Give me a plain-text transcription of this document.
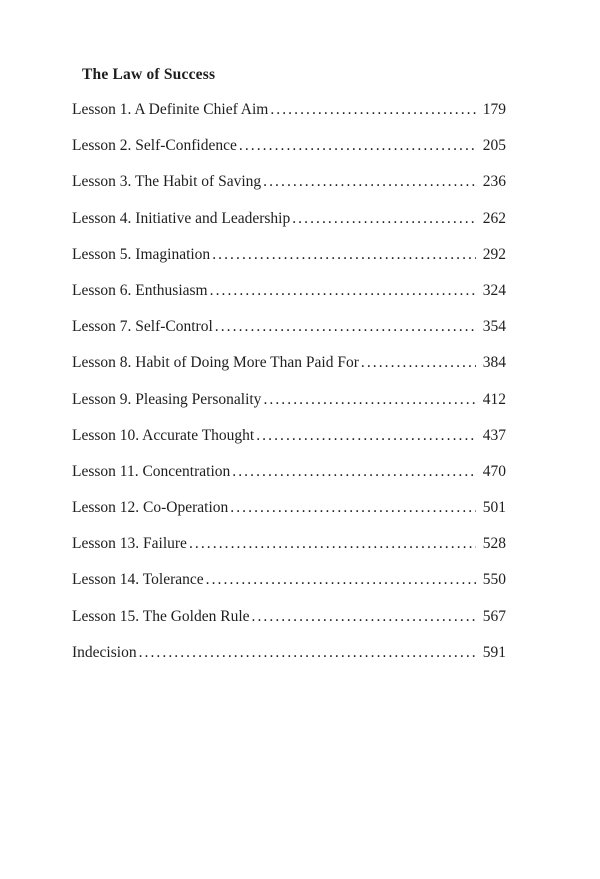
The Law of Success
Lesson 1. A Definite Chief Aim . . .	179
Lesson 2. Self-Confidence . . .	205
Lesson 3. The Habit of Saving . . .	236
Lesson 4. Initiative and Leadership . . .	262
Lesson 5. Imagination . . .	292
Lesson 6. Enthusiasm . . .	324
Lesson 7. Self-Control . . .	354
Lesson 8. Habit of Doing More Than Paid For . . .	384
Lesson 9. Pleasing Personality . . .	412
Lesson 10. Accurate Thought . . .	437
Lesson 11. Concentration . . .	470
Lesson 12. Co-Operation . . .	501
Lesson 13. Failure . . .	528
Lesson 14. Tolerance . . .	550
Lesson 15. The Golden Rule . . .	567
Indecision . . .	591
